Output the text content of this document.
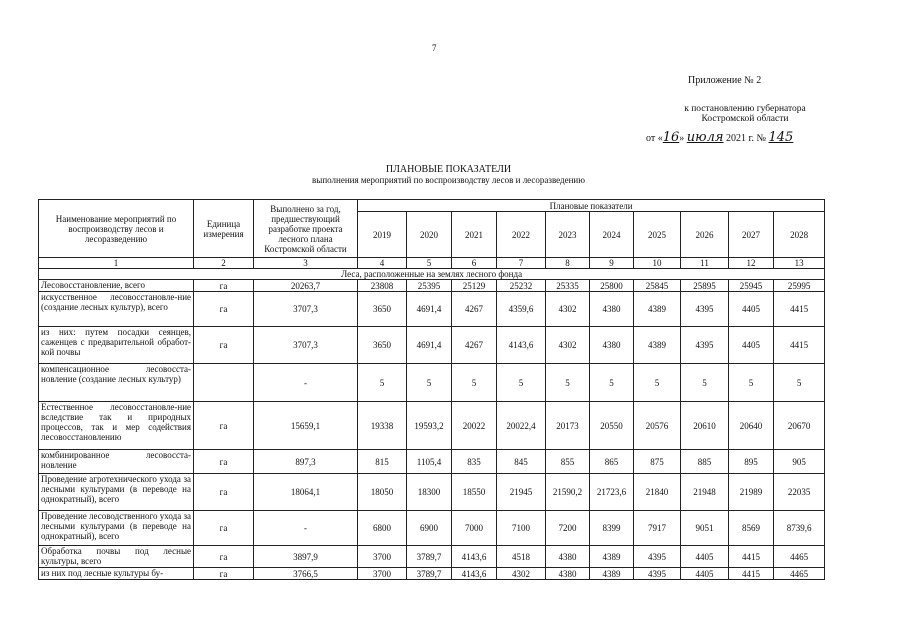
7
Приложение № 2
к постановлению губернатора
Костромской области
от «16» июля 2021 г. № 145
ПЛАНОВЫЕ ПОКАЗАТЕЛИ
выполнения мероприятий по воспроизводству лесов и лесоразведению
Наименование мероприятий по воспроизводству лесов и лесоразведению	Единица измерения	Выполнено за год, предшествующий разработке проекта лесного плана Костромской области	Плановые показатели									
			2019	2020	2021	2022	2023	2024	2025	2026	2027	2028
1	2	3	4	5	6	7	8	9	10	11	12	13
Леса, расположенные на землях лесного фонда												
Лесовосстановление, всего	га	20263,7	23808	25395	25129	25232	25335	25800	25845	25895	25945	25995
искусственное лесовосстановле-ние (создание лесных культур), всего	га	3707,3	3650	4691,4	4267	4359,6	4302	4380	4389	4395	4405	4415
из них: путем посадки сеянцев, саженцев с предварительной обработ-кой почвы	га	3707,3	3650	4691,4	4267	4143,6	4302	4380	4389	4395	4405	4415
компенсационное лесовосста-новление (создание лесных культур)		-	5	5	5	5	5	5	5	5	5	5
Естественное лесовосстановле-ние вследствие так и природных процессов, так и мер содействия лесовосстановлению	га	15659,1	19338	19593,2	20022	20022,4	20173	20550	20576	20610	20640	20670
комбинированное лесовосста-новление	га	897,3	815	1105,4	835	845	855	865	875	885	895	905
Проведение агротехнического ухода за лесными культурами (в переводе на однократный), всего	га	18064,1	18050	18300	18550	21945	21590,2	21723,6	21840	21948	21989	22035
Проведение лесоводственного ухода за лесными культурами (в переводе на однократный), всего	га	-	6800	6900	7000	7100	7200	8399	7917	9051	8569	8739,6
Обработка почвы под лесные культуры, всего	га	3897,9	3700	3789,7	4143,6	4518	4380	4389	4395	4405	4415	4465
из них под лесные культуры бу-	га	3766,5	3700	3789,7	4143,6	4302	4380	4389	4395	4405	4415	4465
